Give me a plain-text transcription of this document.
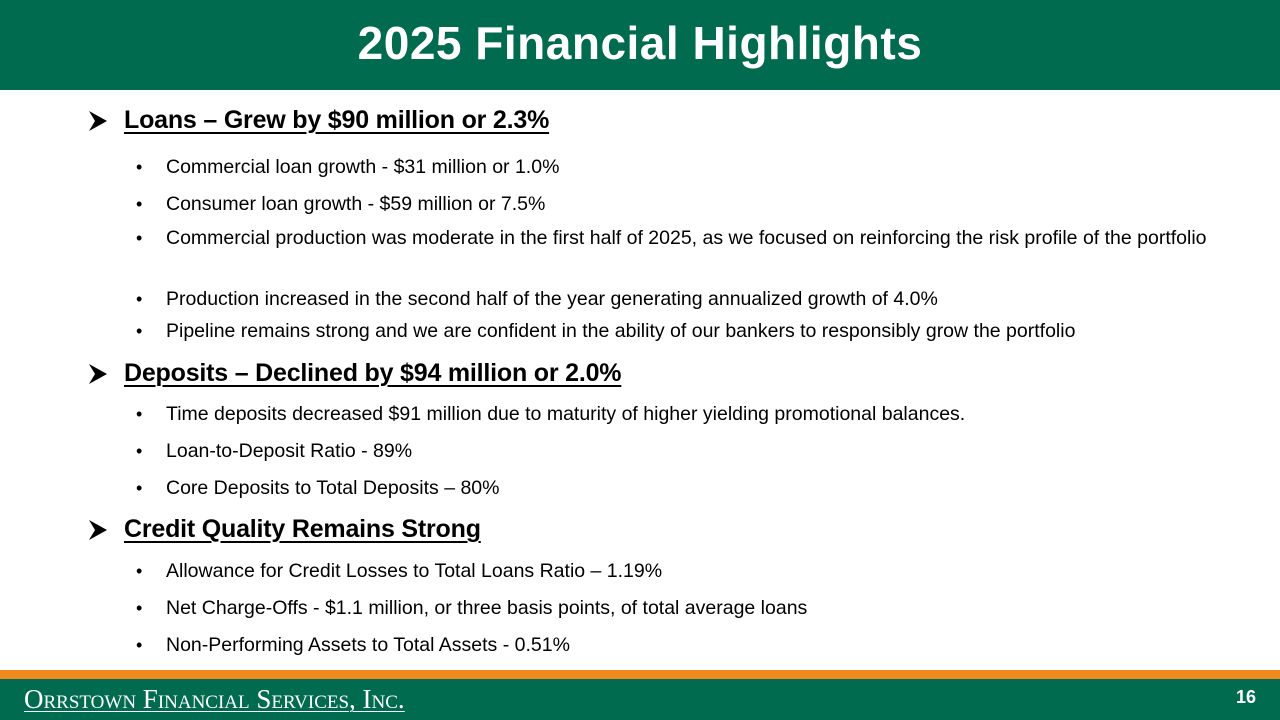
2025 Financial Highlights
Loans – Grew by $90 million or 2.3%
•	Commercial loan growth - $31 million or 1.0%
•	Consumer loan growth - $59 million or 7.5%
•	Commercial production was moderate in the first half of 2025, as we focused on reinforcing the risk profile of the portfolio
•	Production increased in the second half of the year generating annualized growth of 4.0%
•	Pipeline remains strong and we are confident in the ability of our bankers to responsibly grow the portfolio
Deposits – Declined by $94 million or 2.0%
•	Time deposits decreased $91 million due to maturity of higher yielding promotional balances.
•	Loan-to-Deposit Ratio - 89%
•	Core Deposits to Total Deposits – 80%
Credit Quality Remains Strong
•	Allowance for Credit Losses to Total Loans Ratio – 1.19%
•	Net Charge-Offs - $1.1 million, or three basis points, of total average loans
•	Non-Performing Assets to Total Assets - 0.51%
Orrstown Financial Services, Inc.	16
